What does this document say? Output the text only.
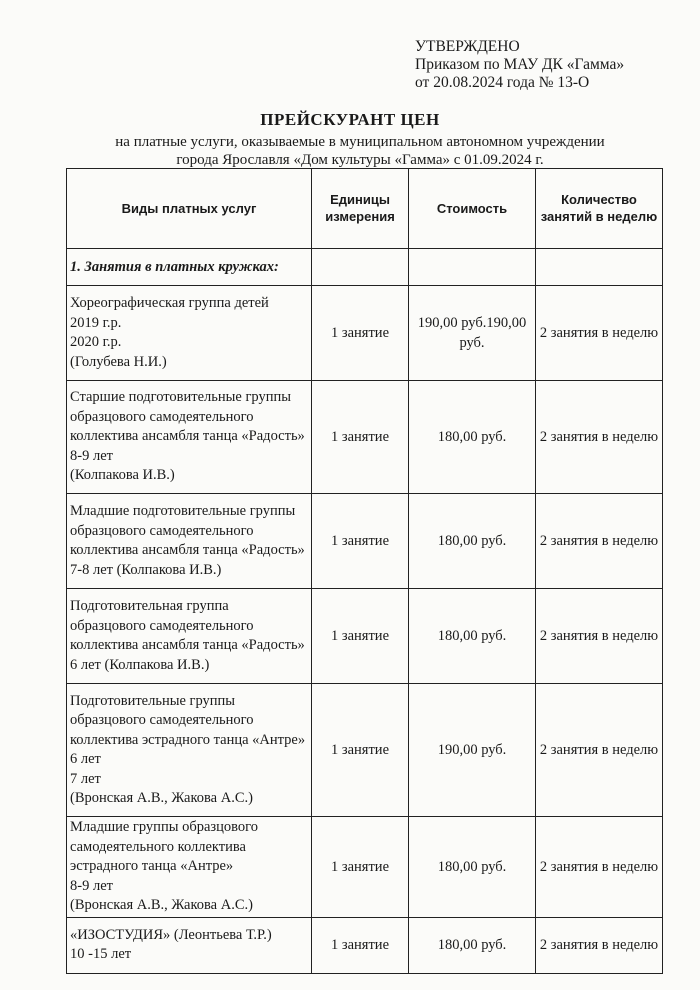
УТВЕРЖДЕНО
Приказом по МАУ ДК «Гамма»
от 20.08.2024 года № 13-О
ПРЕЙСКУРАНТ ЦЕН
на платные услуги, оказываемые в муниципальном автономном учреждении
города Ярославля «Дом культуры «Гамма» с 01.09.2024 г.
Виды платных услуг	Единицы измерения	Стоимость	Количество занятий в неделю
1. Занятия в платных кружках:			

Хореографическая группа детей
2019 г.р.
2020 г.р.
(Голубева Н.И.)	1 занятие	190,00 руб.190,00 руб.	2 занятия в неделю

Старшие подготовительные группы образцового самодеятельного коллектива ансамбля танца «Радость»
8-9 лет
(Колпакова И.В.)	1 занятие	180,00 руб.	2 занятия в неделю

Младшие подготовительные группы образцового самодеятельного коллектива ансамбля танца «Радость»
7-8 лет (Колпакова И.В.)	1 занятие	180,00 руб.	2 занятия в неделю

Подготовительная группа образцового самодеятельного коллектива ансамбля танца «Радость»
6 лет (Колпакова И.В.)	1 занятие	180,00 руб.	2 занятия в неделю

Подготовительные группы образцового самодеятельного коллектива эстрадного танца «Антре»
6 лет
7 лет
(Вронская А.В., Жакова А.С.)	1 занятие	190,00 руб.	2 занятия в неделю

Младшие группы образцового самодеятельного коллектива эстрадного танца «Антре»
8-9 лет
(Вронская А.В., Жакова А.С.)	1 занятие	180,00 руб.	2 занятия в неделю

«ИЗОСТУДИЯ» (Леонтьева Т.Р.)
10 -15 лет	1 занятие	180,00 руб.	2 занятия в неделю
